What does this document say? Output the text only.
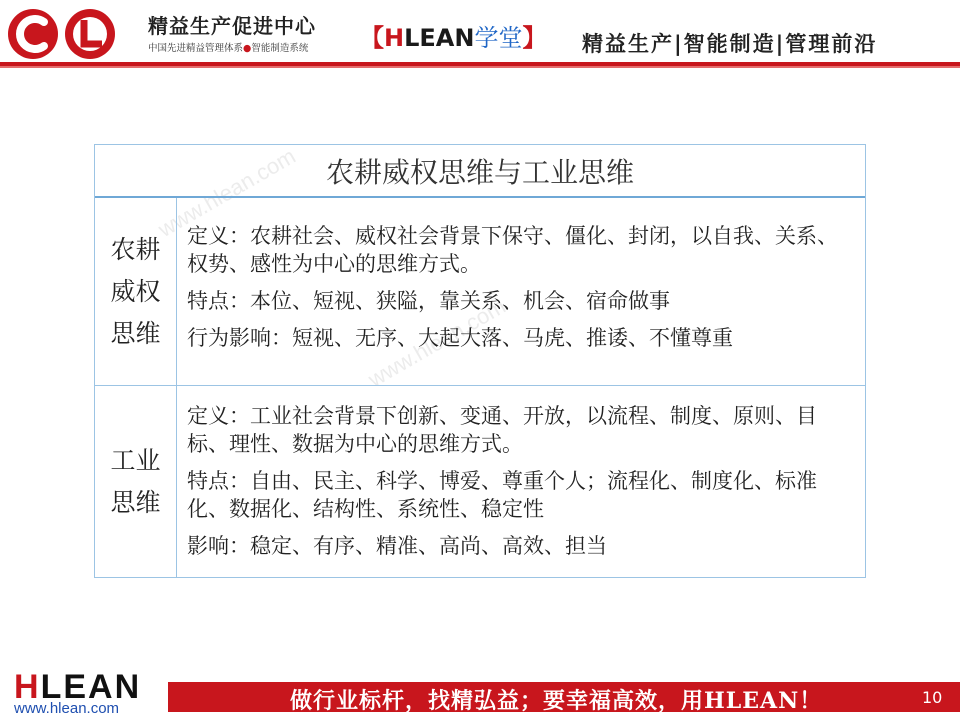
精益生产促进中心
中国先进精益管理体系●智能制造系统 【HLEAN学堂】 精益生产|智能制造|管理前沿
www.hlean.com
www.hlean.com
农耕威权思维与工业思维
农耕威权思维

定义：农耕社会、威权社会背景下保守、僵化、封闭，以自我、关系、权势、感性为中心的思维方式。

特点：本位、短视、狭隘，靠关系、机会、宿命做事

行为影响：短视、无序、大起大落、马虎、推诿、不懂尊重

工业思维

定义：工业社会背景下创新、变通、开放，以流程、制度、原则、目标、理性、数据为中心的思维方式。

特点：自由、民主、科学、博爱、尊重个人；流程化、制度化、标准化、数据化、结构性、系统性、稳定性

影响：稳定、有序、精准、高尚、高效、担当

HLEAN
www.hlean.com	做行业标杆，找精弘益；要幸福高效，用HLEAN！	10
